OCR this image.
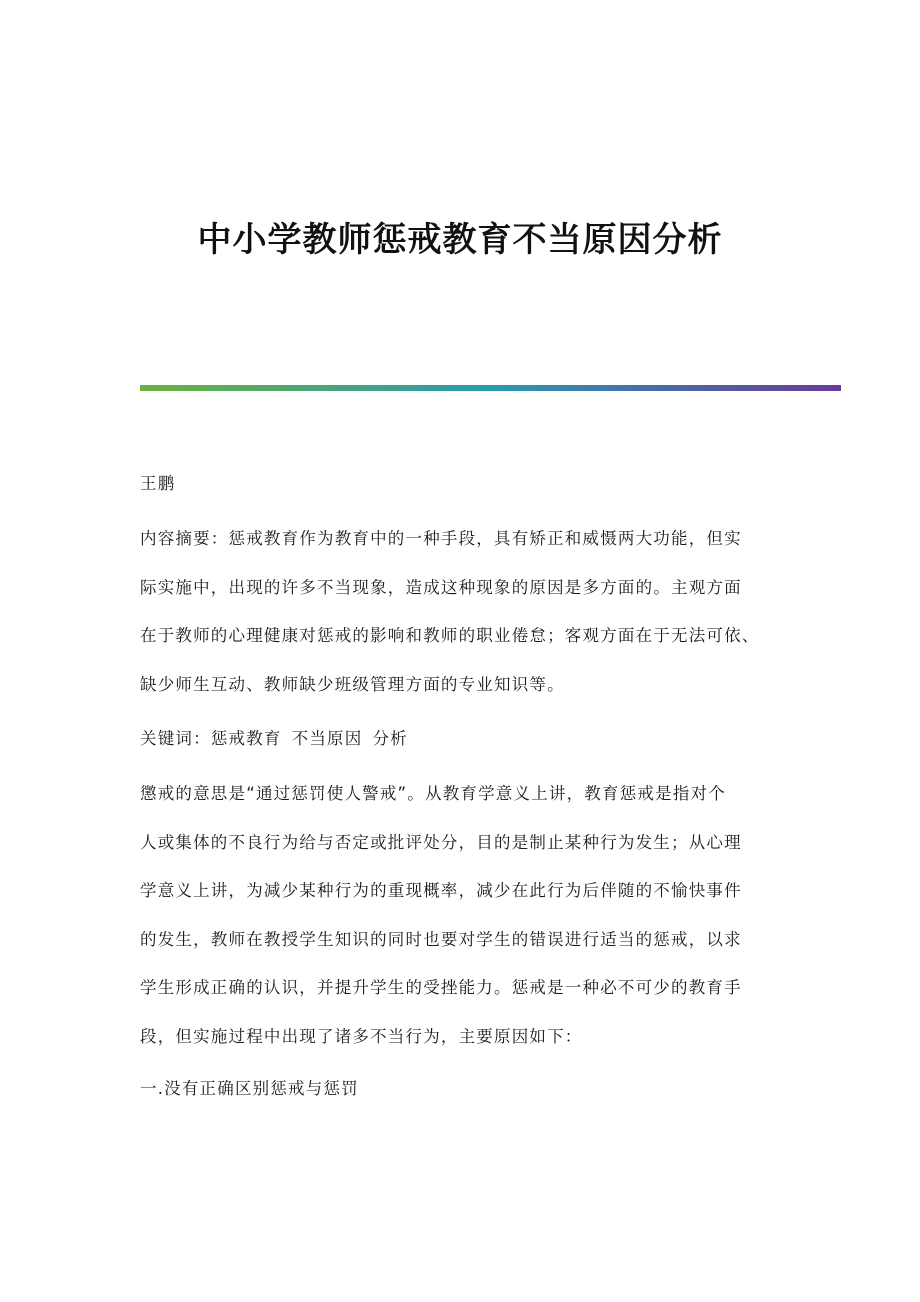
中小学教师惩戒教育不当原因分析

王鹏

内容摘要：惩戒教育作为教育中的一种手段，具有矫正和威慑两大功能，但实
际实施中，出现的许多不当现象，造成这种现象的原因是多方面的。主观方面
在于教师的心理健康对惩戒的影响和教师的职业倦怠；客观方面在于无法可依、
缺少师生互动、教师缺少班级管理方面的专业知识等。

关键词：惩戒教育 不当原因 分析

懲戒的意思是“通过惩罚使人警戒”。从教育学意义上讲，教育惩戒是指对个
人或集体的不良行为给与否定或批评处分，目的是制止某种行为发生；从心理
学意义上讲，为减少某种行为的重现概率，减少在此行为后伴随的不愉快事件
的发生，教师在教授学生知识的同时也要对学生的错误进行适当的惩戒，以求
学生形成正确的认识，并提升学生的受挫能力。惩戒是一种必不可少的教育手
段，但实施过程中出现了诸多不当行为，主要原因如下：

一.没有正确区别惩戒与惩罚
